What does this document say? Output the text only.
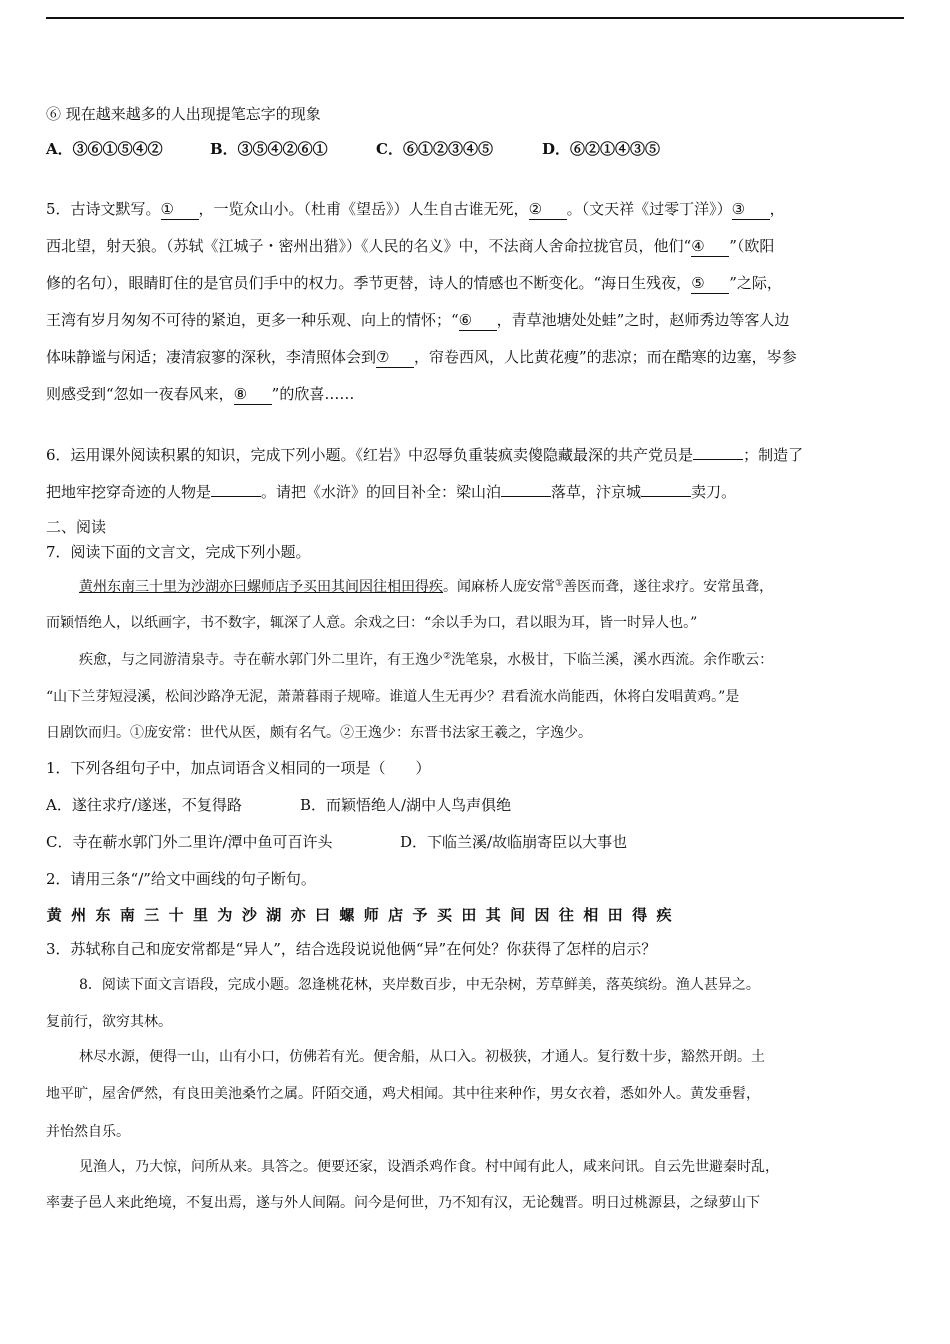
⑥ 现在越来越多的人出现提笔忘字的现象
A．③⑥①⑤④②	B．③⑤④②⑥①	C．⑥①②③④⑤	D．⑥②①④③⑤
5．古诗文默写。① ，一览众山小。（杜甫《望岳》）人生自古谁无死，② 。（文天祥《过零丁洋》）③ ，
西北望，射天狼。（苏轼《江城子・密州出猎》）《人民的名义》中，不法商人舍命拉拢官员，他们“④ ”（欧阳
修的名句），眼睛盯住的是官员们手中的权力。季节更替，诗人的情感也不断变化。“海日生残夜，⑤ ”之际，
王湾有岁月匆匆不可待的紧迫，更多一种乐观、向上的情怀；“⑥ ，青草池塘处处蛙”之时，赵师秀边等客人边
体味静谧与闲适；凄清寂寥的深秋，李清照体会到⑦ ，帘卷西风，人比黄花瘦”的悲凉；而在酷寒的边塞，岑参
则感受到“忽如一夜春风来，⑧ ”的欣喜……
6．运用课外阅读积累的知识，完成下列小题。《红岩》中忍辱负重装疯卖傻隐藏最深的共产党员是	；制造了
把地牢挖穿奇迹的人物是	。请把《水浒》的回目补全：梁山泊	落草，汴京城	卖刀。
二、阅读
7．阅读下面的文言文，完成下列小题。
黄州东南三十里为沙湖亦曰螺师店予买田其间因往相田得疾。闻麻桥人庞安常①善医而聋，遂往求疗。安常虽聋，
而颖悟绝人，以纸画字，书不数字，辄深了人意。余戏之曰：“余以手为口，君以眼为耳，皆一时异人也。”
疾愈，与之同游清泉寺。寺在蕲水郭门外二里许，有王逸少②洗笔泉，水极甘，下临兰溪，溪水西流。余作歌云：
“山下兰芽短浸溪，松间沙路净无泥，萧萧暮雨子规啼。谁道人生无再少？君看流水尚能西，休将白发唱黄鸡。”是
日剧饮而归。①庞安常：世代从医，颇有名气。②王逸少：东晋书法家王羲之，字逸少。
1．下列各组句子中，加点词语含义相同的一项是（　　）
A．遂往求疗/遂迷，不复得路	B．而颖悟绝人/湖中人鸟声俱绝
C．寺在蕲水郭门外二里许/潭中鱼可百许头	D．下临兰溪/故临崩寄臣以大事也
2．请用三条“/”给文中画线的句子断句。
黄 州 东 南 三 十 里 为 沙 湖 亦 曰 螺 师 店 予 买 田 其 间 因 往 相 田 得 疾
3．苏轼称自己和庞安常都是“异人”，结合选段说说他俩“异”在何处？你获得了怎样的启示？
8．阅读下面文言语段，完成小题。忽逢桃花林，夹岸数百步，中无杂树，芳草鲜美，落英缤纷。渔人甚异之。
复前行，欲穷其林。
林尽水源，便得一山，山有小口，仿佛若有光。便舍船，从口入。初极狭，才通人。复行数十步，豁然开朗。土
地平旷，屋舍俨然，有良田美池桑竹之属。阡陌交通，鸡犬相闻。其中往来种作，男女衣着，悉如外人。黄发垂髫，
并怡然自乐。
见渔人，乃大惊，问所从来。具答之。便要还家，设酒杀鸡作食。村中闻有此人，咸来问讯。自云先世避秦时乱，
率妻子邑人来此绝境，不复出焉，遂与外人间隔。问今是何世，乃不知有汉，无论魏晋。明日过桃源县，之绿萝山下
